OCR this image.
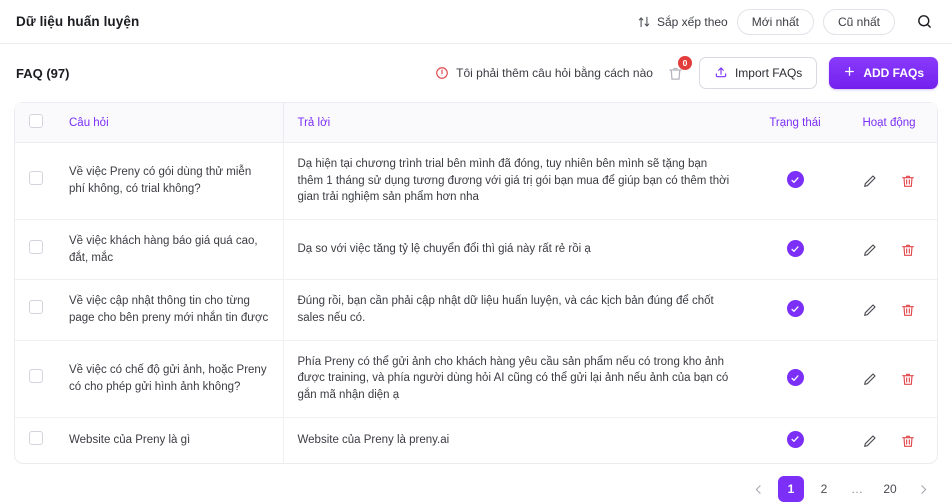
Dữ liệu huấn luyện	Sắp xếp theo	Mới nhất	Cũ nhất
FAQ (97)	Tôi phải thêm câu hỏi bằng cách nào
0
Import FAQs	ADD FAQs
	Câu hỏi	Trả lời	Trạng thái	Hoạt động
	Về việc Preny có gói dùng thử miễn phí không, có trial không?	Dạ hiện tại chương trình trial bên mình đã đóng, tuy nhiên bên mình sẽ tặng bạn thêm 1 tháng sử dụng tương đương với giá trị gói bạn mua để giúp bạn có thêm thời gian trải nghiệm sản phẩm hơn nha	

	Về việc khách hàng báo giá quá cao, đắt, mắc	Dạ so với việc tăng tỷ lệ chuyển đổi thì giá này rất rẻ rồi ạ	

	Về việc cập nhật thông tin cho từng page cho bên preny mới nhắn tin được	Đúng rồi, bạn cần phải cập nhật dữ liệu huấn luyện, và các kịch bản đúng để chốt sales nếu có.	

	Về việc có chế độ gửi ảnh, hoặc Preny có cho phép gửi hình ảnh không?	Phía Preny có thể gửi ảnh cho khách hàng yêu cầu sản phẩm nếu có trong kho ảnh được training, và phía người dùng hỏi AI cũng có thể gửi lại ảnh nếu ảnh của bạn có gắn mã nhận diện ạ	

	Website của Preny là gì	Website của Preny là preny.ai	

1	2	…	20
